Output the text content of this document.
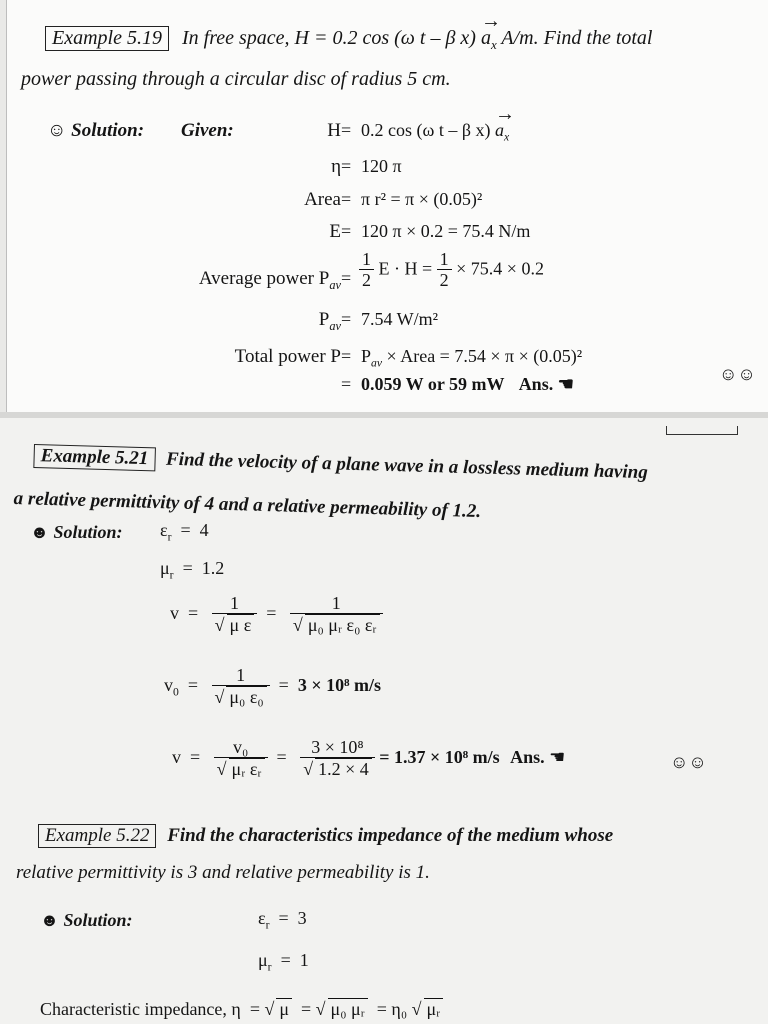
Example 5.19 In free space, H = 0.2 cos (ω t – β $x) \to a_x$ A/m. Find the total
power passing through a circular disc of radius 5 cm.
☺ Solution: Given:	H = 0.2 cos (ω t – β $x) \to a_x$
η = 120 π
Area = π r² = π × (0.05)²
E = 120 π × 0.2 = 75.4 N/m
Average power $P_{av} = \frac{1}{2}$ $E \cdot H = \frac{1}{2} \times 75.4 \times 0.2$
$P_{av} = 7.54$ W/m²
Total power $P = P_{av}$ × Area = 7.54 × π × (0.05)²
= 0.059 W or 59 mW Ans. ☚	☺☺
Example 5.21 Find the velocity of a plane wave in a lossless medium having
a relative permittivity of 4 and a relative permeability of 1.2.
☻ Solution: $\varepsilon_r = 4$
$\mu_r = 1.2$
$v = \frac{1}{\text{√ μ ε}} = \frac{1}{\text{√ μ₀ μᵣ ε₀ εᵣ}}$
$v_0 = \frac{1}{\text{√ μ₀ ε₀}} = 3 \times 10^8$ m/s
$v = \frac{\text{v₀}}{\text{√ μᵣ εᵣ}} = \frac{\text{3 × 10⁸}}{√ 1.2 \times 4} = 1.37 \times 10^8$ m/s Ans. ☚	☺☺
Example 5.22 Find the characteristics impedance of the medium whose
relative permittivity is 3 and relative permeability is 1.
☻ Solution:	$\varepsilon_r = 3$
$\mu_r = 1$
Characteristic impedance, η  = √ μ  = √ μ₀ μᵣ  = η₀ √ μᵣ
